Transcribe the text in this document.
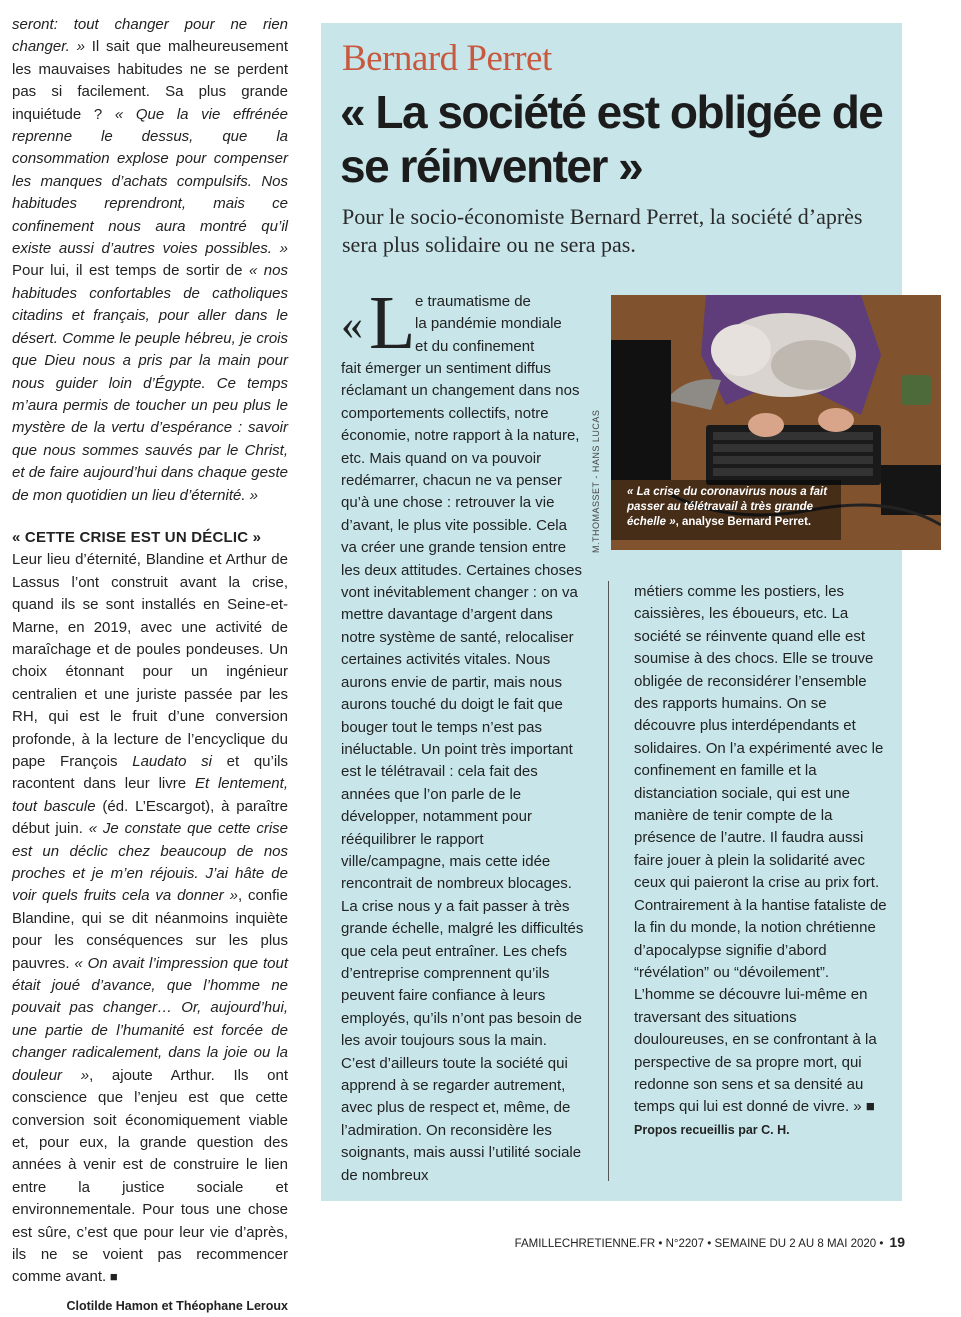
seront: tout changer pour ne rien changer. » Il sait que malheureusement les mauvaises habitudes ne se perdent pas si facilement. Sa plus grande inquiétude ? « Que la vie effrénée reprenne le dessus, que la consommation explose pour compenser les manques d’achats compulsifs. Nos habitudes reprendront, mais ce confinement nous aura montré qu’il existe aussi d’autres voies possibles. » Pour lui, il est temps de sortir de « nos habitudes confortables de catholiques citadins et français, pour aller dans le désert. Comme le peuple hébreu, je crois que Dieu nous a pris par la main pour nous guider loin d’Égypte. Ce temps m’aura permis de toucher un peu plus le mystère de la vertu d’espérance : savoir que nous sommes sauvés par le Christ, et de faire aujourd’hui dans chaque geste de mon quotidien un lieu d’éternité. »

« CETTE CRISE EST UN DÉCLIC »

Leur lieu d’éternité, Blandine et Arthur de Lassus l’ont construit avant la crise, quand ils se sont installés en Seine-et-Marne, en 2019, avec une activité de maraîchage et de poules pondeuses. Un choix étonnant pour un ingénieur centralien et une juriste passée par les RH, qui est le fruit d’une conversion profonde, à la lecture de l’encyclique du pape François Laudato si et qu’ils racontent dans leur livre Et lentement, tout bascule (éd. L’Escargot), à paraître début juin. « Je constate que cette crise est un déclic chez beaucoup de nos proches et je m’en réjouis. J’ai hâte de voir quels fruits cela va donner », confie Blandine, qui se dit néanmoins inquiète pour les conséquences sur les plus pauvres. « On avait l’impression que tout était joué d’avance, que l’homme ne pouvait pas changer… Or, aujourd’hui, une partie de l’humanité est forcée de changer radicalement, dans la joie ou la douleur », ajoute Arthur. Ils ont conscience que l’enjeu est que cette conversion soit économiquement viable et, pour eux, la grande question des années à venir est de construire le lien entre la justice sociale et environnementale. Pour tous une chose est sûre, c’est que pour leur vie d’après, ils ne se voient pas recommencer comme avant. ■

Clotilde Hamon et Théophane Leroux

Bernard Perret
« La société est obligée de se réinventer »
Pour le socio-économiste Bernard Perret, la société d’après sera plus solidaire ou ne sera pas.
« L e traumatisme de
la pandémie mondiale
et du confinement

fait émerger un sentiment diffus réclamant un changement dans nos comportements collectifs, notre économie, notre rapport à la nature, etc. Mais quand on va pouvoir redémarrer, chacun ne va penser qu’à une chose : retrouver la vie d’avant, le plus vite possible. Cela va créer une grande tension entre les deux attitudes. Certaines choses vont inévitablement changer : on va mettre davantage d’argent dans notre système de santé, relocaliser certaines activités vitales. Nous aurons envie de partir, mais nous aurons touché du doigt le fait que bouger tout le temps n’est pas inéluctable. Un point très important est le télétravail : cela fait des années que l’on parle de le développer, notamment pour rééquilibrer le rapport ville/campagne, mais cette idée rencontrait de nombreux blocages. La crise nous y a fait passer à très grande échelle, malgré les difficultés que cela peut entraîner. Les chefs d’entreprise comprennent qu’ils peuvent faire confiance à leurs employés, qu’ils n’ont pas besoin de les avoir toujours sous la main. C’est d’ailleurs toute la société qui apprend à se regarder autrement, avec plus de respect et, même, de l’admiration. On reconsidère les soignants, mais aussi l’utilité sociale de nombreux

métiers comme les postiers, les caissières, les éboueurs, etc. La société se réinvente quand elle est soumise à des chocs. Elle se trouve obligée de reconsidérer l’ensemble des rapports humains. On se découvre plus interdépendants et solidaires. On l’a expérimenté avec le confinement en famille et la distanciation sociale, qui est une manière de tenir compte de la présence de l’autre. Il faudra aussi faire jouer à plein la solidarité avec ceux qui paieront la crise au prix fort. Contrairement à la hantise fataliste de la fin du monde, la notion chrétienne d’apocalypse signifie d’abord “révélation” ou “dévoilement”. L’homme se découvre lui-même en traversant des situations douloureuses, en se confrontant à la perspective de sa propre mort, qui redonne son sens et sa densité au temps qui lui est donné de vivre. » ■ Propos recueillis par C. H.

M.THOMASSET - HANS LUCAS « La crise du coronavirus nous a fait passer au télétravail à très grande échelle », analyse Bernard Perret.
FAMILLECHRETIENNE.FR • N°2207 • SEMAINE DU 2 AU 8 MAI 2020 • 19
